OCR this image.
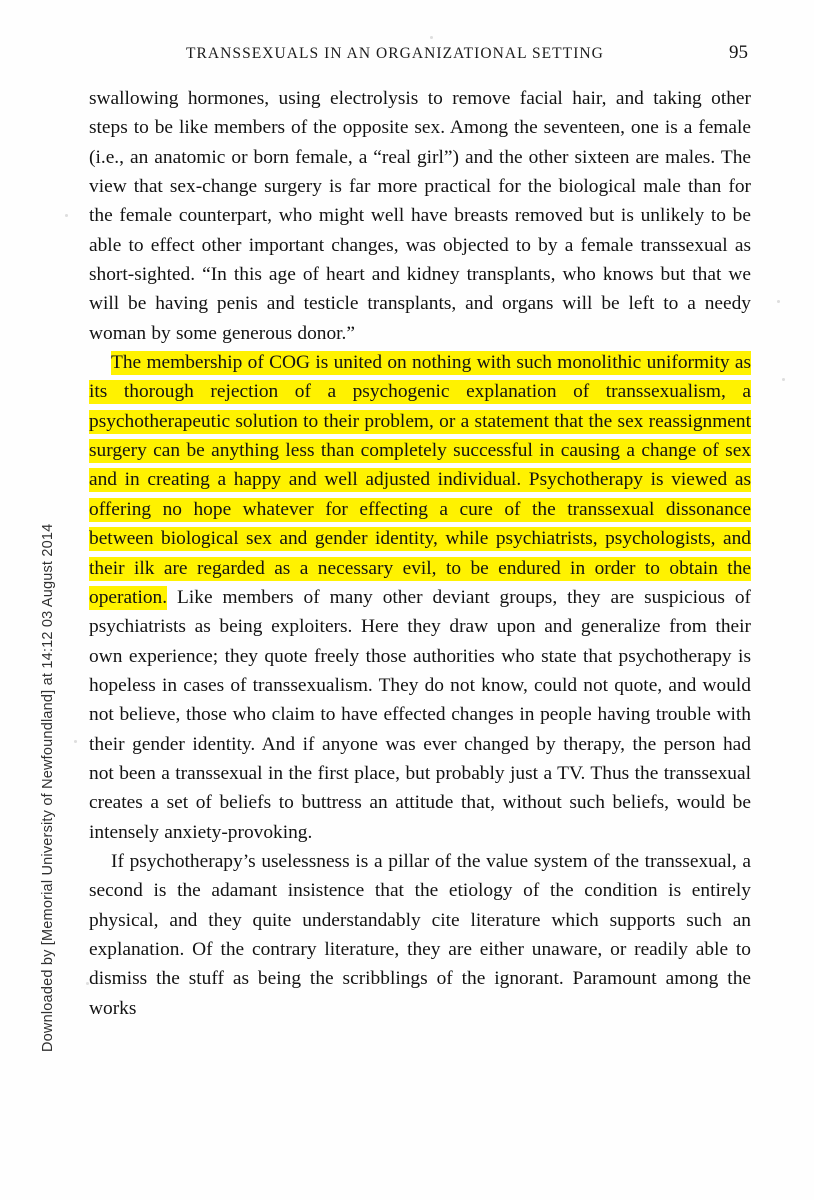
Downloaded by [Memorial University of Newfoundland] at 14:12 03 August 2014
TRANSSEXUALS IN AN ORGANIZATIONAL SETTING	95

swallowing hormones, using electrolysis to remove facial hair, and taking other steps to be like members of the opposite sex. Among the seventeen, one is a female (i.e., an anatomic or born female, a “real girl”) and the other sixteen are males. The view that sex-change surgery is far more practical for the biological male than for the female counterpart, who might well have breasts removed but is unlikely to be able to effect other important changes, was objected to by a female transsexual as short-sighted. “In this age of heart and kidney transplants, who knows but that we will be having penis and testicle transplants, and organs will be left to a needy woman by some generous donor.”

The membership of COG is united on nothing with such monolithic uniformity as its thorough rejection of a psychogenic explanation of transsexualism, a psychotherapeutic solution to their problem, or a statement that the sex reassignment surgery can be anything less than completely successful in causing a change of sex and in creating a happy and well adjusted individual. Psychotherapy is viewed as offering no hope whatever for effecting a cure of the transsexual dissonance between biological sex and gender identity, while psychiatrists, psychologists, and their ilk are regarded as a necessary evil, to be endured in order to obtain the operation. Like members of many other deviant groups, they are suspicious of psychiatrists as being exploiters. Here they draw upon and generalize from their own experience; they quote freely those authorities who state that psychotherapy is hopeless in cases of transsexualism. They do not know, could not quote, and would not believe, those who claim to have effected changes in people having trouble with their gender identity. And if anyone was ever changed by therapy, the person had not been a transsexual in the first place, but probably just a TV. Thus the transsexual creates a set of beliefs to buttress an attitude that, without such beliefs, would be intensely anxiety-provoking.

If psychotherapy’s uselessness is a pillar of the value system of the transsexual, a second is the adamant insistence that the etiology of the condition is entirely physical, and they quite understandably cite literature which supports such an explanation. Of the contrary literature, they are either unaware, or readily able to dismiss the stuff as being the scribblings of the ignorant. Paramount among the works
